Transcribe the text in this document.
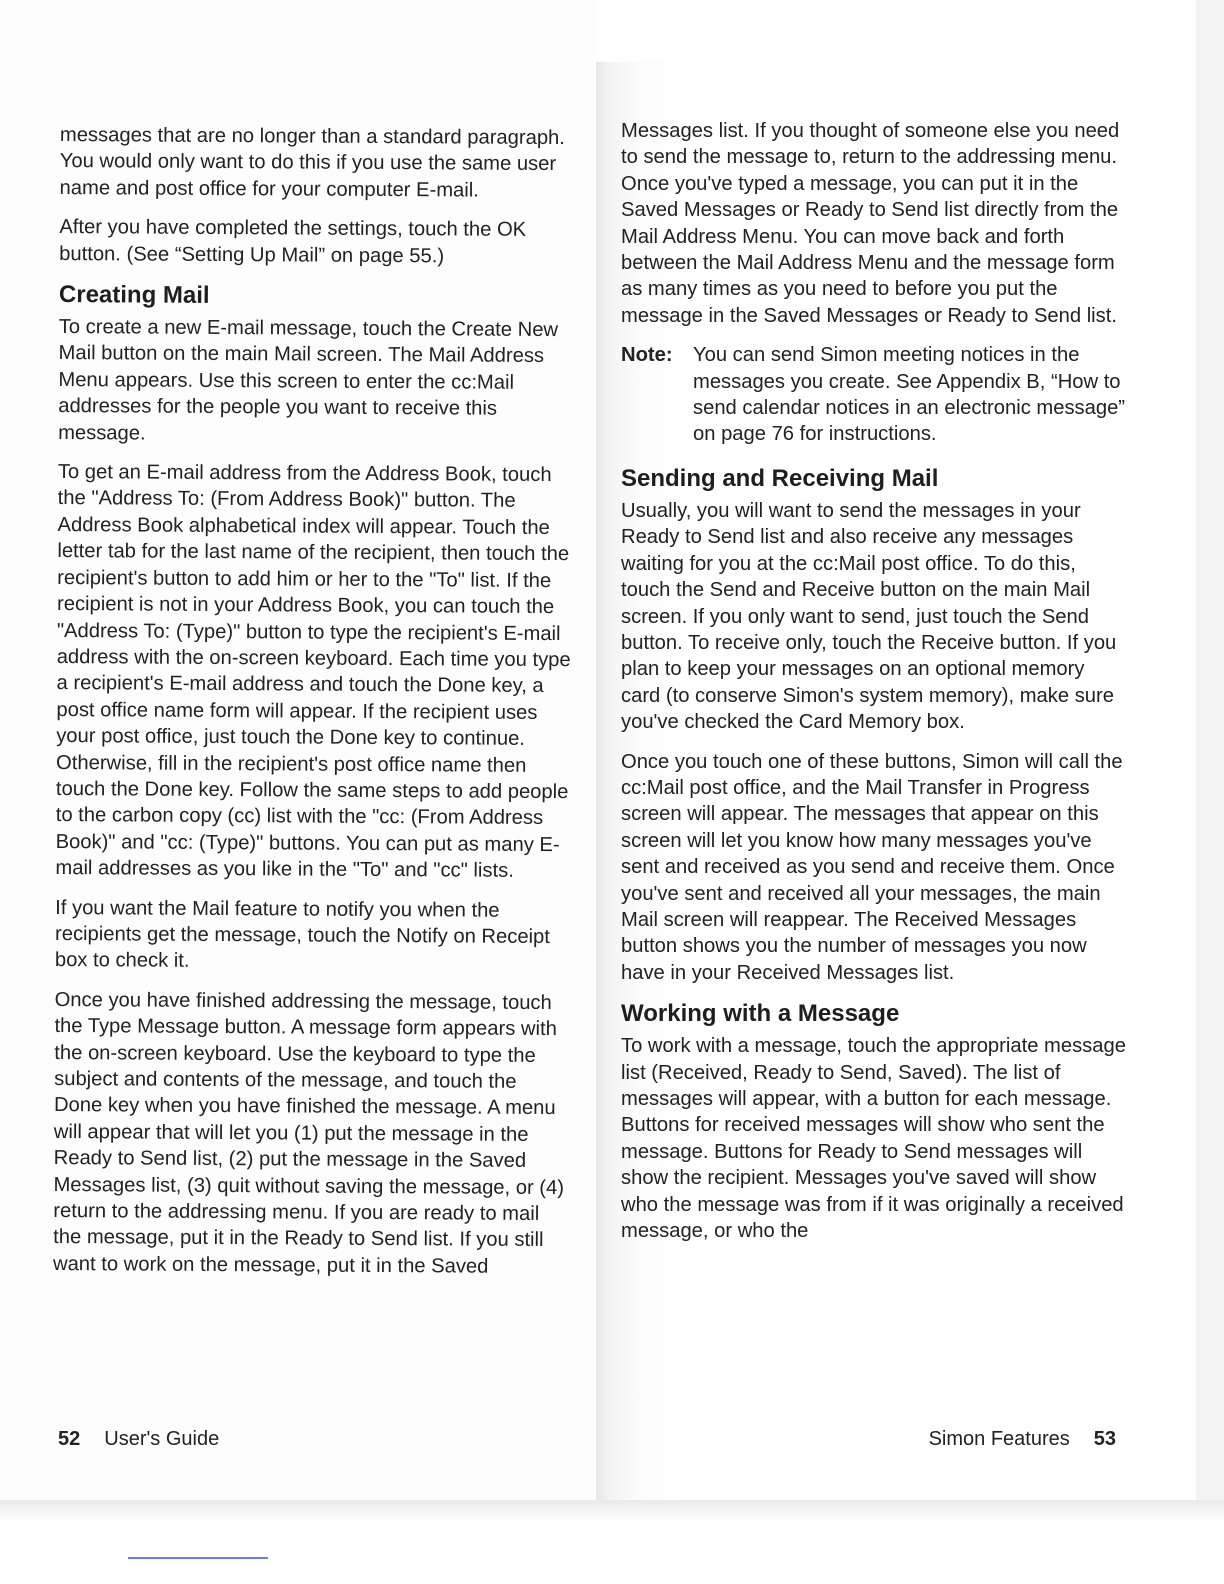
messages that are no longer than a standard paragraph. You would only want to do this if you use the same user name and post office for your computer E-mail.

After you have completed the settings, touch the OK button. (See “Setting Up Mail” on page 55.)

Creating Mail

To create a new E-mail message, touch the Create New Mail button on the main Mail screen. The Mail Address Menu appears. Use this screen to enter the cc:Mail addresses for the people you want to receive this message.

To get an E-mail address from the Address Book, touch the "Address To: (From Address Book)" button. The Address Book alphabetical index will appear. Touch the letter tab for the last name of the recipient, then touch the recipient's button to add him or her to the "To" list. If the recipient is not in your Address Book, you can touch the "Address To: (Type)" button to type the recipient's E-mail address with the on-screen keyboard. Each time you type a recipient's E-mail address and touch the Done key, a post office name form will appear. If the recipient uses your post office, just touch the Done key to continue. Otherwise, fill in the recipient's post office name then touch the Done key. Follow the same steps to add people to the carbon copy (cc) list with the "cc: (From Address Book)" and "cc: (Type)" buttons. You can put as many E-mail addresses as you like in the "To" and "cc" lists.

If you want the Mail feature to notify you when the recipients get the message, touch the Notify on Receipt box to check it.

Once you have finished addressing the message, touch the Type Message button. A message form appears with the on-screen keyboard. Use the keyboard to type the subject and contents of the message, and touch the Done key when you have finished the message. A menu will appear that will let you (1) put the message in the Ready to Send list, (2) put the message in the Saved Messages list, (3) quit without saving the message, or (4) return to the addressing menu. If you are ready to mail the message, put it in the Ready to Send list. If you still want to work on the message, put it in the Saved

Messages list. If you thought of someone else you need to send the message to, return to the addressing menu. Once you've typed a message, you can put it in the Saved Messages or Ready to Send list directly from the Mail Address Menu. You can move back and forth between the Mail Address Menu and the message form as many times as you need to before you put the message in the Saved Messages or Ready to Send list.

Note:	You can send Simon meeting notices in the messages you create. See Appendix B, “How to send calendar notices in an electronic message” on page 76 for instructions.
Sending and Receiving Mail

Usually, you will want to send the messages in your Ready to Send list and also receive any messages waiting for you at the cc:Mail post office. To do this, touch the Send and Receive button on the main Mail screen. If you only want to send, just touch the Send button. To receive only, touch the Receive button. If you plan to keep your messages on an optional memory card (to conserve Simon's system memory), make sure you've checked the Card Memory box.

Once you touch one of these buttons, Simon will call the cc:Mail post office, and the Mail Transfer in Progress screen will appear. The messages that appear on this screen will let you know how many messages you've sent and received as you send and receive them. Once you've sent and received all your messages, the main Mail screen will reappear. The Received Messages button shows you the number of messages you now have in your Received Messages list.

Working with a Message

To work with a message, touch the appropriate message list (Received, Ready to Send, Saved). The list of messages will appear, with a button for each message. Buttons for received messages will show who sent the message. Buttons for Ready to Send messages will show the recipient. Messages you've saved will show who the message was from if it was originally a received message, or who the

52 User's Guide	Simon Features 53
